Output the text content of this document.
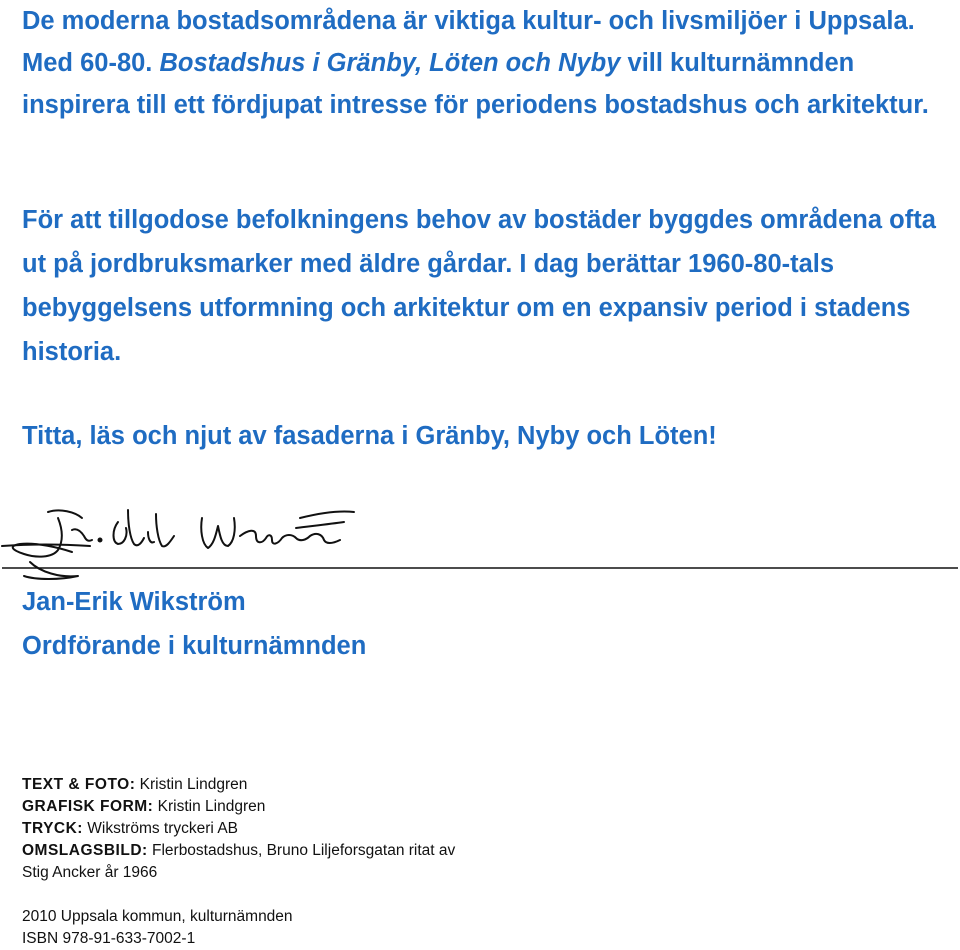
De moderna bostadsområdena är viktiga kultur- och livsmiljöer i Uppsala. Med 60-80. Bostadshus i Gränby, Löten och Nyby vill kulturnämnden inspirera till ett fördjupat intresse för periodens bostadshus och arkitektur.

För att tillgodose befolkningens behov av bostäder byggdes områdena ofta ut på jordbruksmarker med äldre gårdar. I dag berättar 1960-80-tals bebyggelsens utformning och arkitektur om en expansiv period i stadens historia.

Titta, läs och njut av fasaderna i Gränby, Nyby och Löten!

Jan-Erik Wikström
Ordförande i kulturnämnden

TEXT & FOTO: Kristin Lindgren
GRAFISK FORM: Kristin Lindgren
TRYCK: Wikströms tryckeri AB
OMSLAGSBILD: Flerbostadshus, Bruno Liljeforsgatan ritat av
Stig Ancker år 1966
2010 Uppsala kommun, kulturnämnden
ISBN 978-91-633-7002-1
